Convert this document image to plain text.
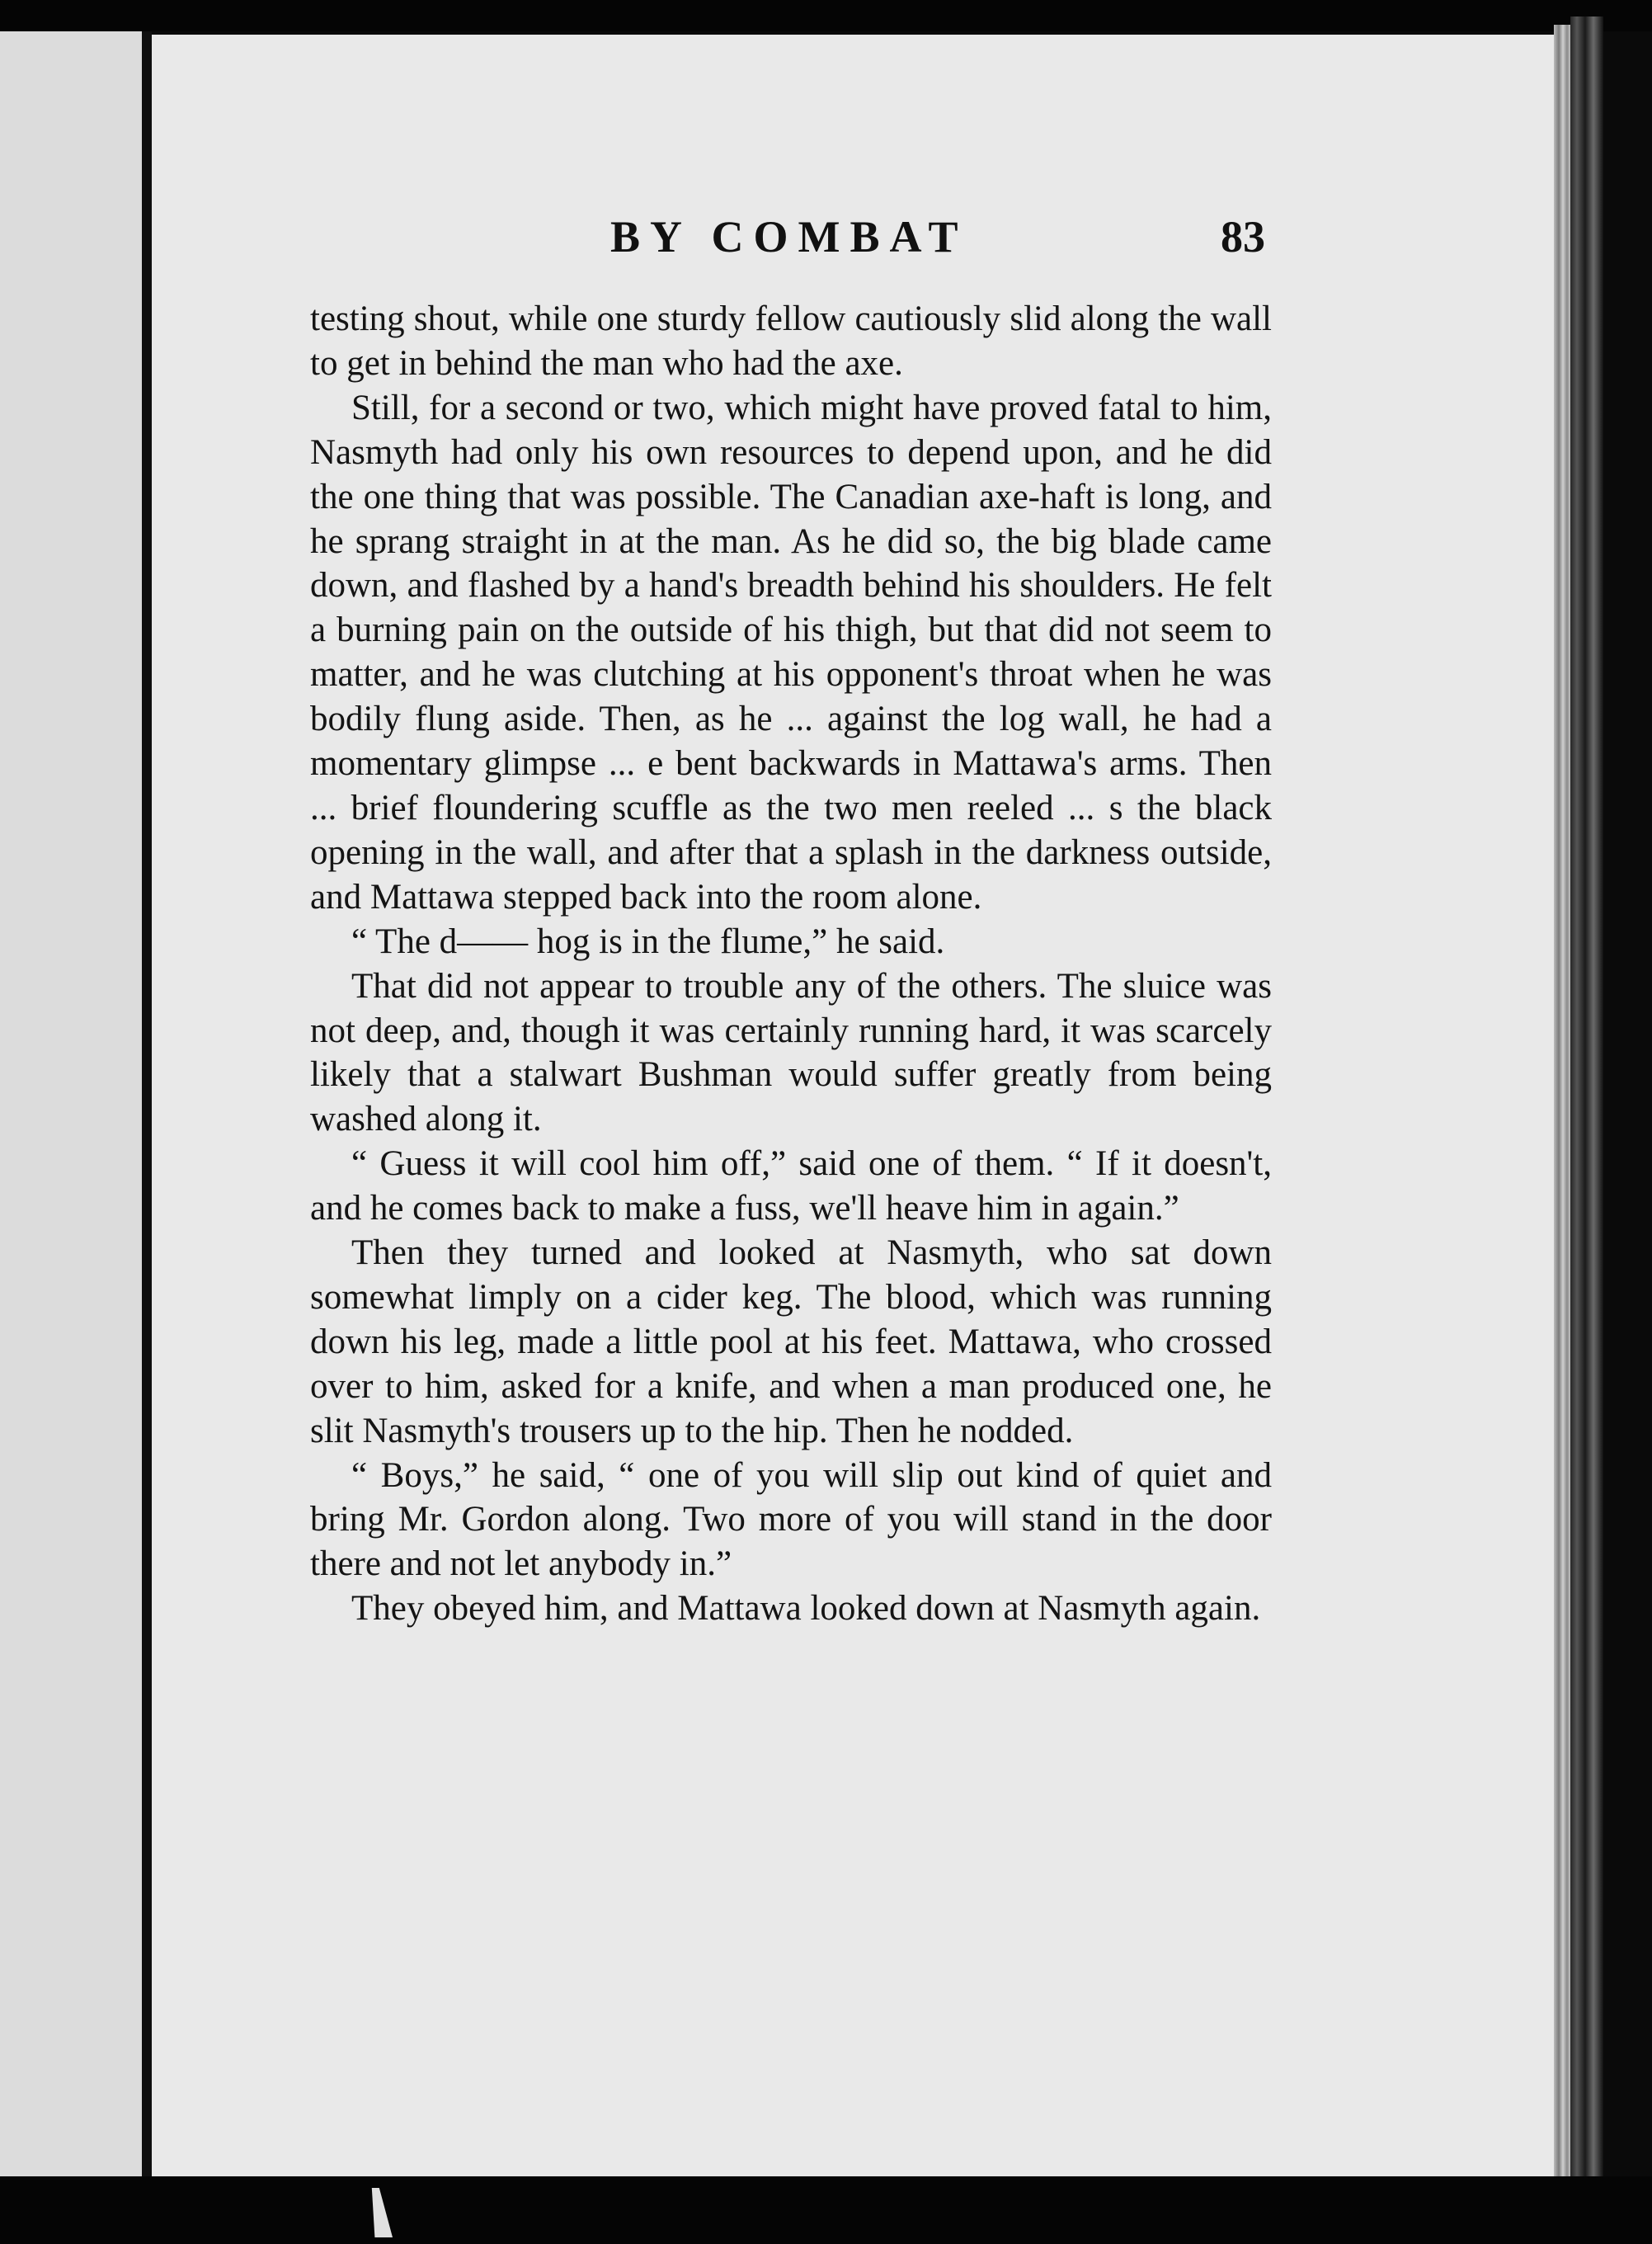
BY COMBAT	83

testing shout, while one sturdy fellow cautiously slid along the wall to get in behind the man who had the axe.

Still, for a second or two, which might have proved fatal to him, Nasmyth had only his own resources to depend upon, and he did the one thing that was possible. The Canadian axe-haft is long, and he sprang straight in at the man. As he did so, the big blade came down, and flashed by a hand's breadth behind his shoulders. He felt a burning pain on the outside of his thigh, but that did not seem to matter, and he was clutching at his opponent's throat when he was bodily flung aside. Then, as he ... against the log wall, he had a momentary glimpse ... e bent backwards in Mattawa's arms. Then ... brief floundering scuffle as the two men reeled ... s the black opening in the wall, and after that a splash in the darkness outside, and Mattawa stepped back into the room alone.

“ The d—— hog is in the flume,” he said.

That did not appear to trouble any of the others. The sluice was not deep, and, though it was certainly running hard, it was scarcely likely that a stalwart Bushman would suffer greatly from being washed along it.

“ Guess it will cool him off,” said one of them. “ If it doesn't, and he comes back to make a fuss, we'll heave him in again.”

Then they turned and looked at Nasmyth, who sat down somewhat limply on a cider keg. The blood, which was running down his leg, made a little pool at his feet. Mattawa, who crossed over to him, asked for a knife, and when a man produced one, he slit Nasmyth's trousers up to the hip. Then he nodded.

“ Boys,” he said, “ one of you will slip out kind of quiet and bring Mr. Gordon along. Two more of you will stand in the door there and not let anybody in.”

They obeyed him, and Mattawa looked down at Nasmyth again.
